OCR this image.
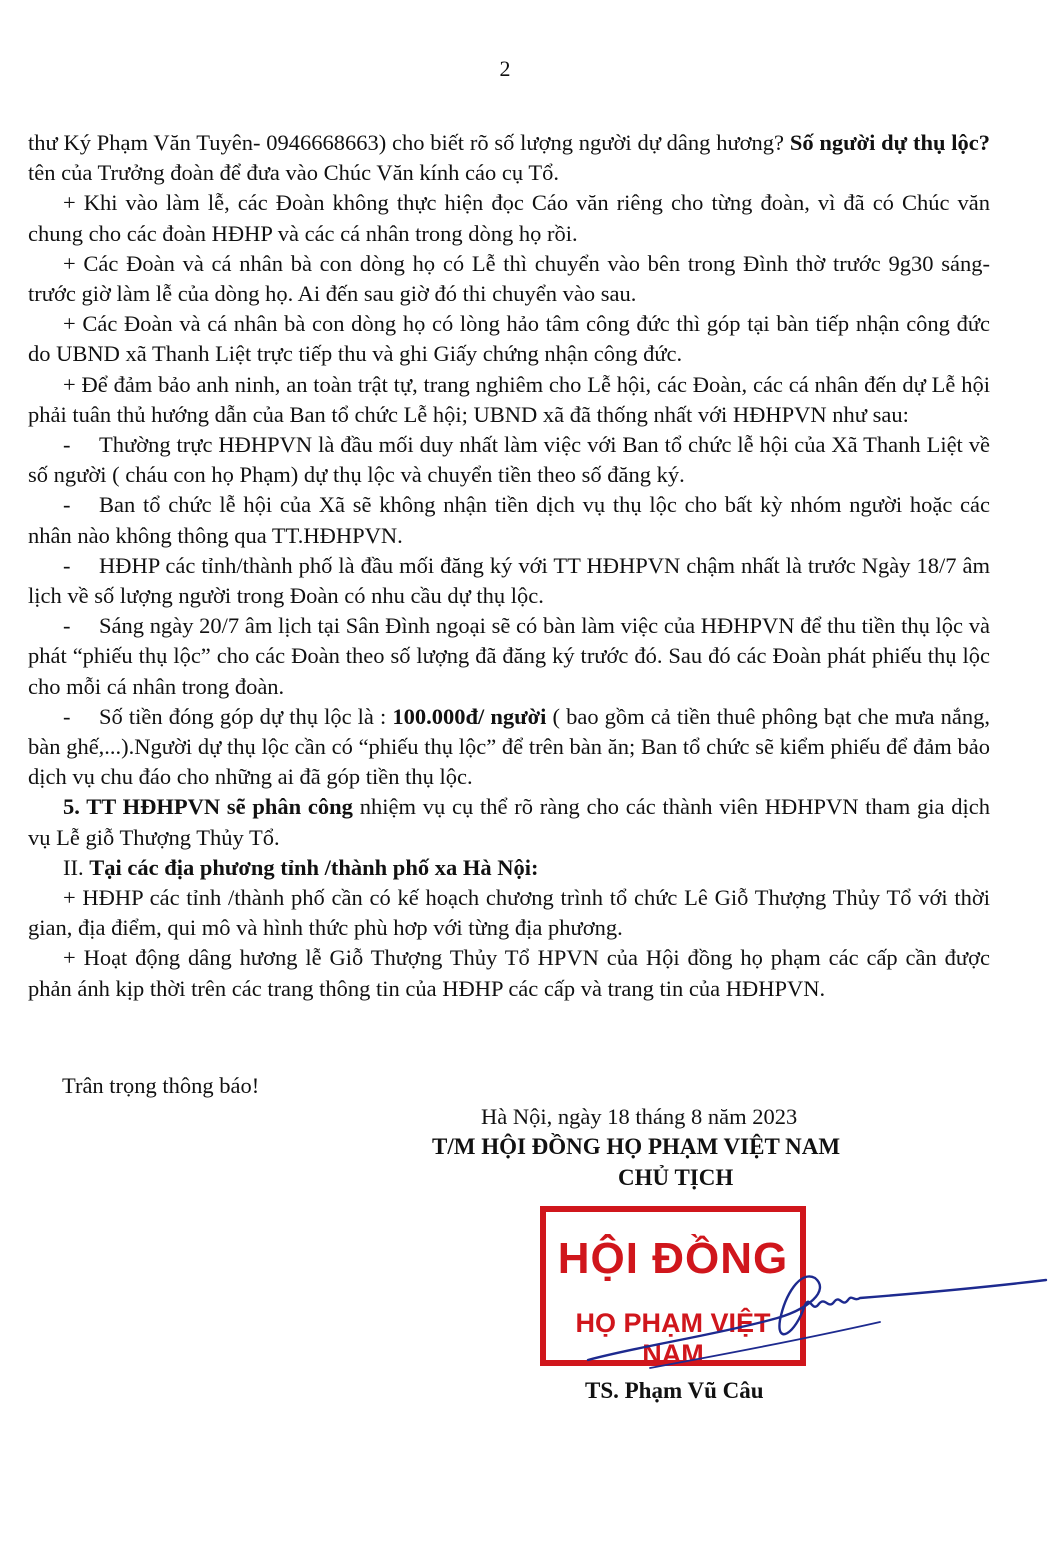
2

thư Ký Phạm Văn Tuyên- 0946668663) cho biết rõ số lượng người dự dâng hương? Số người dự thụ lộc? tên của Trưởng đoàn để đưa vào Chúc Văn kính cáo cụ Tổ.

+ Khi vào làm lễ, các Đoàn không thực hiện đọc Cáo văn riêng cho từng đoàn, vì đã có Chúc văn chung cho các đoàn HĐHP và các cá nhân trong dòng họ rồi.

+ Các Đoàn và cá nhân bà con dòng họ có Lễ thì chuyển vào bên trong Đình thờ trước 9g30 sáng- trước giờ làm lễ của dòng họ. Ai đến sau giờ đó thi chuyển vào sau.

+ Các Đoàn và cá nhân bà con dòng họ có lòng hảo tâm công đức thì góp tại bàn tiếp nhận công đức do UBND xã Thanh Liệt trực tiếp thu và ghi Giấy chứng nhận công đức.

+ Để đảm bảo anh ninh, an toàn trật tự, trang nghiêm cho Lễ hội, các Đoàn, các cá nhân đến dự Lễ hội phải tuân thủ hướng dẫn của Ban tổ chức Lễ hội; UBND xã đã thống nhất với HĐHPVN như sau:

- Thường trực HĐHPVN là đầu mối duy nhất làm việc với Ban tổ chức lễ hội của Xã Thanh Liệt về số người ( cháu con họ Phạm) dự thụ lộc và chuyển tiền theo số đăng ký.

- Ban tổ chức lễ hội của Xã sẽ không nhận tiền dịch vụ thụ lộc cho bất kỳ nhóm người hoặc các nhân nào không thông qua TT.HĐHPVN.

- HĐHP các tỉnh/thành phố là đầu mối đăng ký với TT HĐHPVN chậm nhất là trước Ngày 18/7 âm lịch về số lượng người trong Đoàn có nhu cầu dự thụ lộc.

- Sáng ngày 20/7 âm lịch tại Sân Đình ngoại sẽ có bàn làm việc của HĐHPVN để thu tiền thụ lộc và phát “phiếu thụ lộc” cho các Đoàn theo số lượng đã đăng ký trước đó. Sau đó các Đoàn phát phiếu thụ lộc cho mỗi cá nhân trong đoàn.

- Số tiền đóng góp dự thụ lộc là : 100.000đ/ người ( bao gồm cả tiền thuê phông bạt che mưa nắng, bàn ghế,...).Người dự thụ lộc cần có “phiếu thụ lộc” để trên bàn ăn; Ban tổ chức sẽ kiểm phiếu để đảm bảo dịch vụ chu đáo cho những ai đã góp tiền thụ lộc.

5. TT HĐHPVN sẽ phân công nhiệm vụ cụ thể rõ ràng cho các thành viên HĐHPVN tham gia dịch vụ Lễ giỗ Thượng Thủy Tổ.

II. Tại các địa phương tỉnh /thành phố xa Hà Nội:

+ HĐHP các tỉnh /thành phố cần có kế hoạch chương trình tổ chức Lê Giỗ Thượng Thủy Tổ với thời gian, địa điểm, qui mô và hình thức phù hơp với từng địa phương.

+ Hoạt động dâng hương lễ Giỗ Thượng Thủy Tổ HPVN của Hội đồng họ phạm các cấp cần được phản ánh kịp thời trên các trang thông tin của HĐHP các cấp và trang tin của HĐHPVN.

Trân trọng thông báo!
Hà Nội, ngày 18 tháng 8 năm 2023
T/M HỘI ĐỒNG HỌ PHẠM VIỆT NAM
CHỦ TỊCH
HỘI ĐỒNG
HỌ PHẠM VIỆT NAM
TS. Phạm Vũ Câu
